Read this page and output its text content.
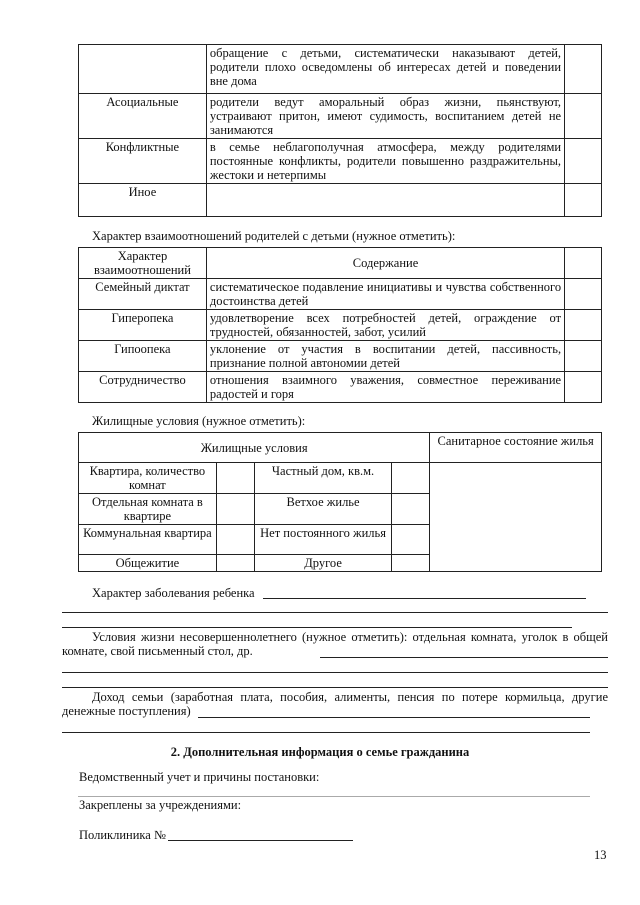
	обращение с детьми, систематически наказывают детей, родители плохо осведомлены об интересах детей и поведении вне дома	
Асоциальные	родители ведут аморальный образ жизни, пьянствуют, устраивают притон, имеют судимость, воспитанием детей не занимаются	
Конфликтные	в семье неблагополучная атмосфера, между родителями постоянные конфликты, родители повышенно раздражительны, жестоки и нетерпимы	
Иное		

Характер взаимоотношений родителей с детьми (нужное отметить):

Характер взаимоотношений	Содержание	
Семейный диктат	систематическое подавление инициативы и чувства собственного достоинства детей	
Гиперопека	удовлетворение всех потребностей детей, ограждение от трудностей, обязанностей, забот, усилий	
Гипоопека	уклонение от участия в воспитании детей, пассивность, признание полной автономии детей	
Сотрудничество	отношения взаимного уважения, совместное переживание радостей и горя	

Жилищные условия (нужное отметить):

Жилищные условия				Санитарное состояние жилья
Квартира, количество комнат		Частный дом, кв.м.		
Отдельная комната в квартире		Ветхое жилье		
Коммунальная квартира		Нет постоянного жилья		
Общежитие		Другое		

Характер заболевания ребенка

Условия жизни несовершеннолетнего (нужное отметить): отдельная комната, уголок в общей комнате, свой письменный стол, др.

Доход семьи (заработная плата, пособия, алименты, пенсия по потере кормильца, другие денежные поступления)

2. Дополнительная информация о семье гражданина

Ведомственный учет и причины постановки:

Закреплены за учреждениями:

Поликлиника №

13
